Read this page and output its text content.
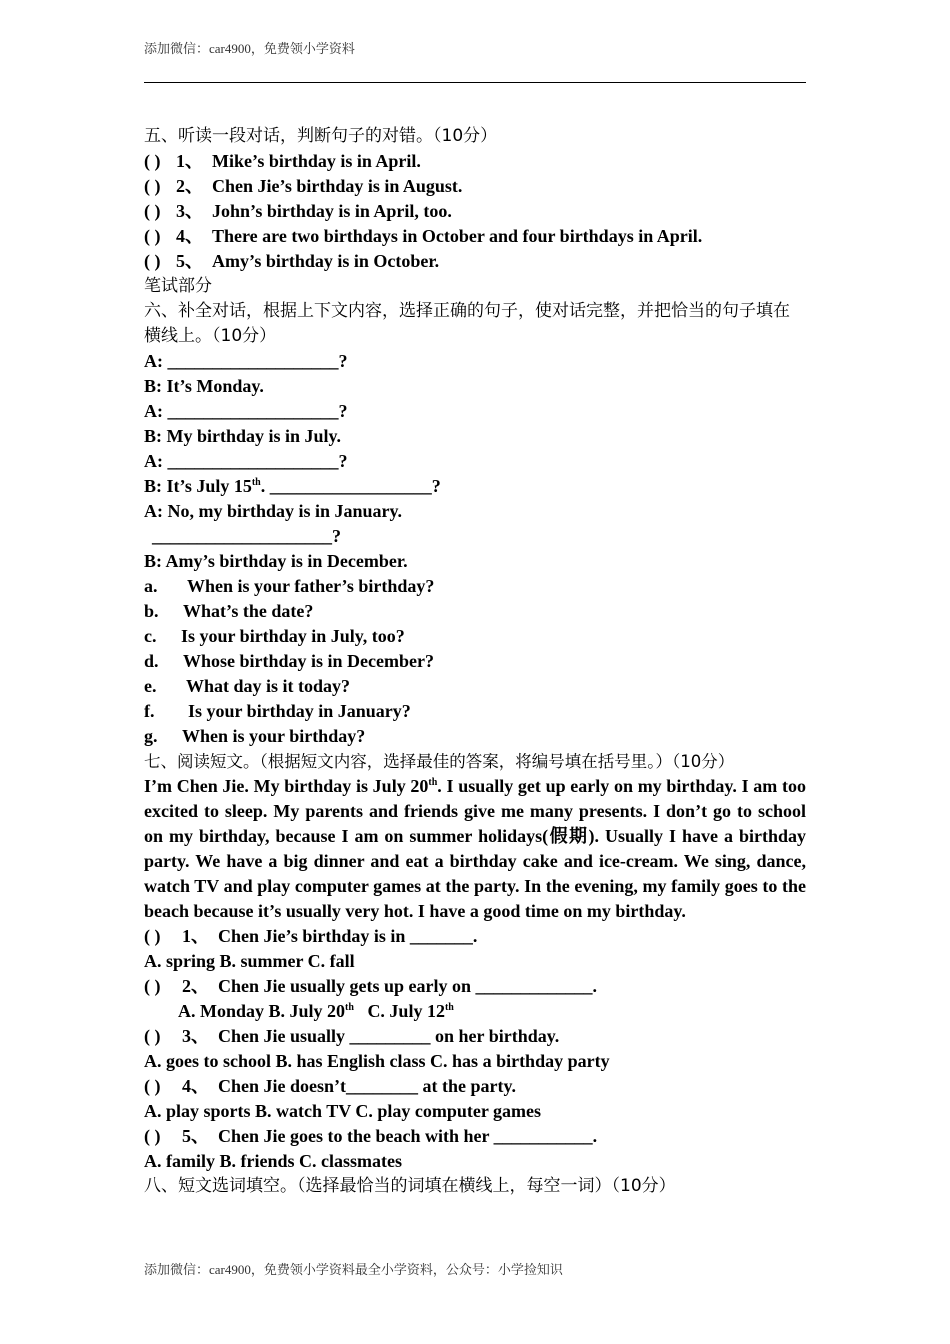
添加微信：car4900，免费领小学资料
五、听读一段对话，判断句子的对错。（10分）
( ) 1、 Mike’s birthday is in April.
( ) 2、 Chen Jie’s birthday is in August.
( ) 3、 John’s birthday is in April, too.
( ) 4、 There are two birthdays in October and four birthdays in April.
( ) 5、 Amy’s birthday is in October.
笔试部分
六、补全对话，根据上下文内容，选择正确的句子，使对话完整，并把恰当的句子填在横线上。（10分）
A: ___________________?
B: It’s Monday.
A: ___________________?
B: My birthday is in July.
A: ___________________?
B: It’s July 15th. __________________?
A: No, my birthday is in January.
____________________?
B: Amy’s birthday is in December.
a. When is your father’s birthday?
b. What’s the date?
c. Is your birthday in July, too?
d. Whose birthday is in December?
e. What day is it today?
f. Is your birthday in January?
g. When is your birthday?
七、阅读短文。（根据短文内容，选择最佳的答案，将编号填在括号里。）（10分）
I’m Chen Jie. My birthday is July 20th. I usually get up early on my birthday. I am too excited to sleep. My parents and friends give me many presents. I don’t go to school on my birthday, because I am on summer holidays(假期). Usually I have a birthday party. We have a big dinner and eat a birthday cake and ice-cream. We sing, dance, watch TV and play computer games at the party. In the evening, my family goes to the beach because it’s usually very hot. I have a good time on my birthday.
( ) 1、 Chen Jie’s birthday is in _______.
A. spring B. summer C. fall
( ) 2、 Chen Jie usually gets up early on _____________.
A. Monday B. July 20th   C. July 12th
( ) 3、 Chen Jie usually _________ on her birthday.
A. goes to school B. has English class C. has a birthday party
( ) 4、 Chen Jie doesn’t________ at the party.
A. play sports B. watch TV C. play computer games
( ) 5、 Chen Jie goes to the beach with her ___________.
A. family B. friends C. classmates
八、短文选词填空。（选择最恰当的词填在横线上，每空一词）（10分）
添加微信：car4900，免费领小学资料最全小学资料，公众号：小学捡知识
